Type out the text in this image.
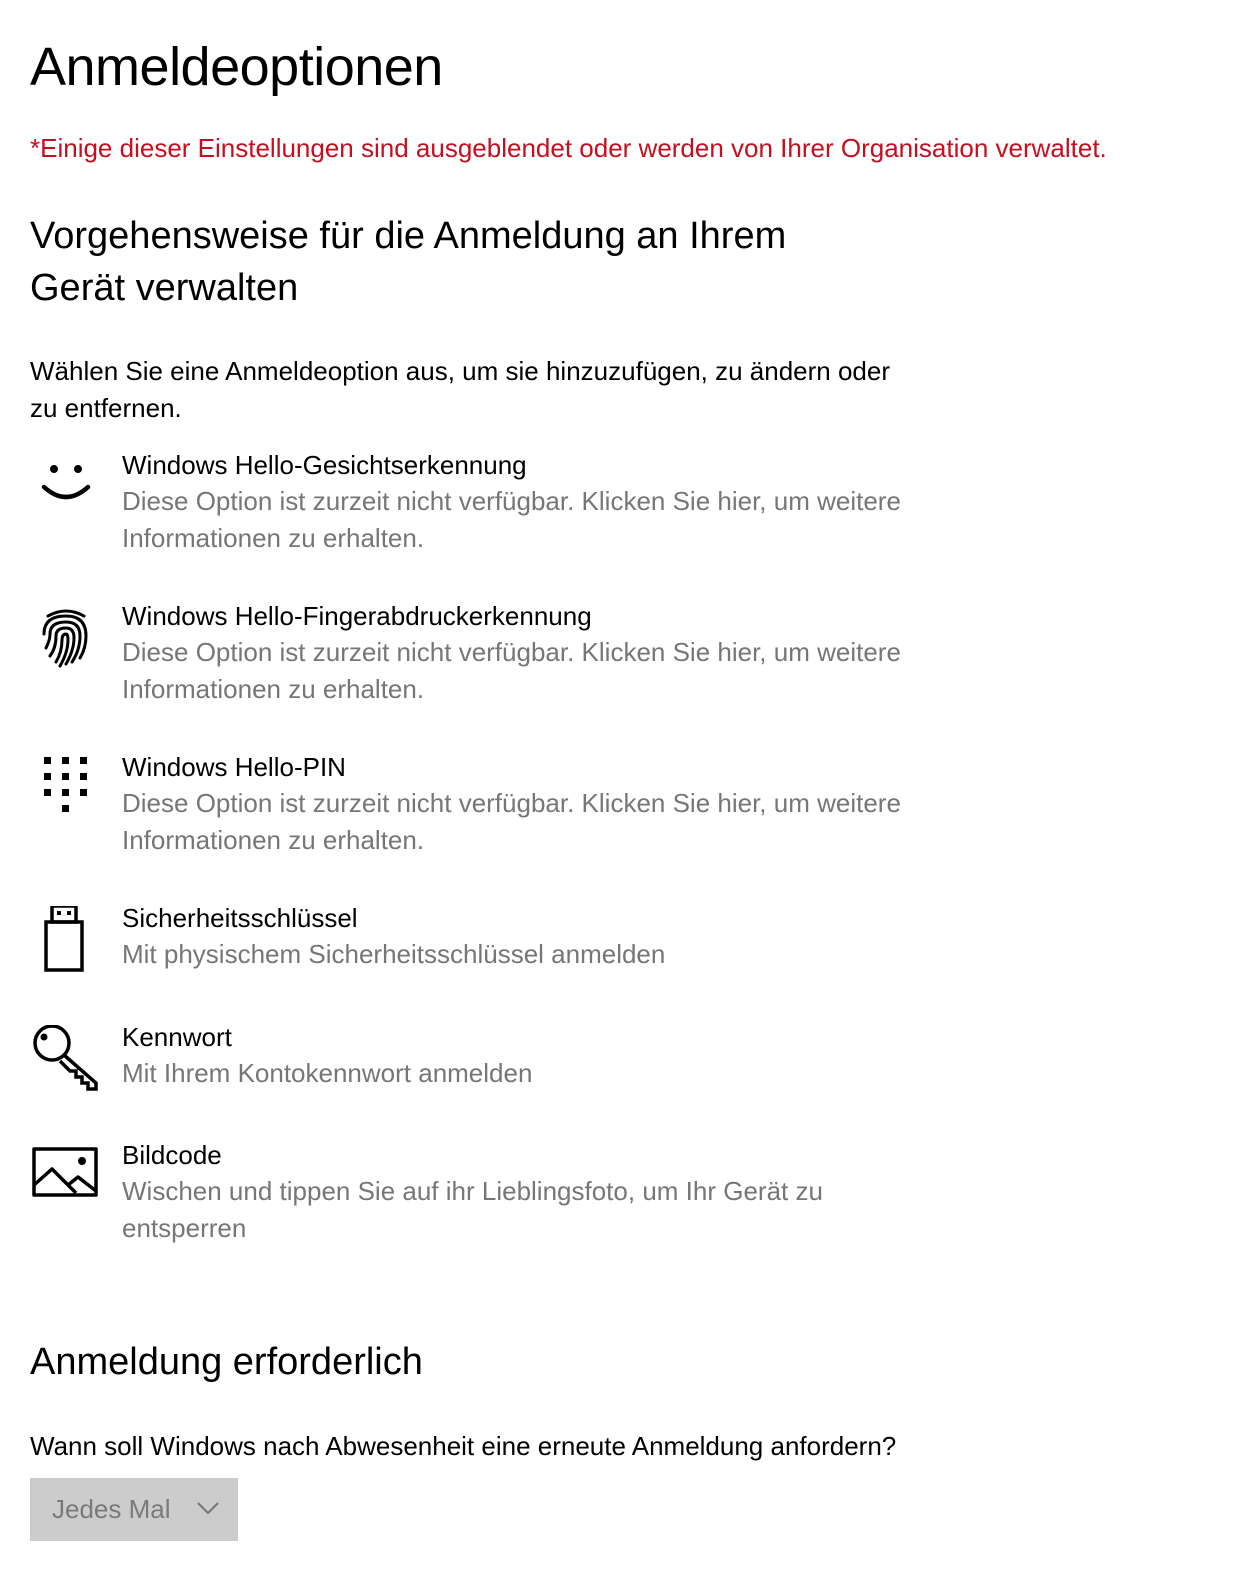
Anmeldeoptionen
*Einige dieser Einstellungen sind ausgeblendet oder werden von Ihrer Organisation verwaltet.
Vorgehensweise für die Anmeldung an Ihrem Gerät verwalten
Wählen Sie eine Anmeldeoption aus, um sie hinzuzufügen, zu ändern oder zu entfernen.
Windows Hello-Gesichtserkennung
Diese Option ist zurzeit nicht verfügbar. Klicken Sie hier, um weitere Informationen zu erhalten.
Windows Hello-Fingerabdruckerkennung
Diese Option ist zurzeit nicht verfügbar. Klicken Sie hier, um weitere Informationen zu erhalten.
Windows Hello-PIN
Diese Option ist zurzeit nicht verfügbar. Klicken Sie hier, um weitere Informationen zu erhalten.
Sicherheitsschlüssel
Mit physischem Sicherheitsschlüssel anmelden
Kennwort
Mit Ihrem Kontokennwort anmelden
Bildcode
Wischen und tippen Sie auf ihr Lieblingsfoto, um Ihr Gerät zu entsperren
Anmeldung erforderlich
Wann soll Windows nach Abwesenheit eine erneute Anmeldung anfordern?
Jedes Mal
